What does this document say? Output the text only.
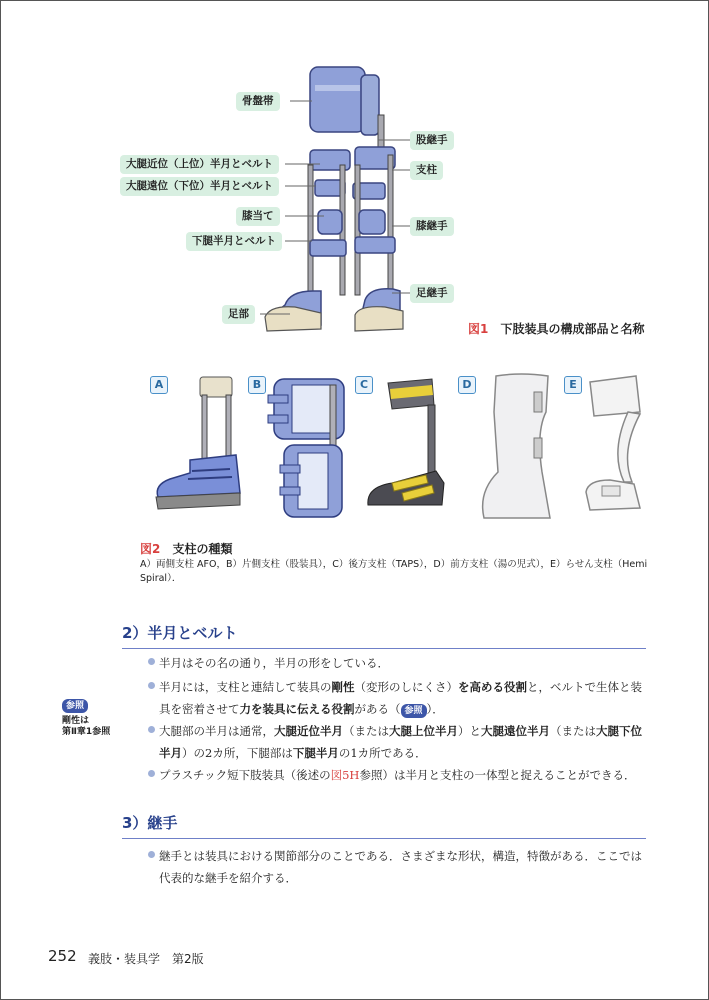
骨盤帯
大腿近位（上位）半月とベルト
大腿遠位（下位）半月とベルト
膝当て
下腿半月とベルト
足部
股継手
支柱
膝継手
足継手
図1 下肢装具の構成部品と名称
A	B	C	D	E
図2 支柱の種類
A）両側支柱 AFO，B）片側支柱（股装具），C）後方支柱（TAPS），D）前方支柱（湯の児式），E）らせん支柱（Hemi Spiral）．
2）半月とベルト
半月はその名の通り，半月の形をしている．
半月には，支柱と連結して装具の剛性（変形のしにくさ）を高める役割と，ベルトで生体と装具を密着させて力を装具に伝える役割がある（ 参照 ）．
大腿部の半月は通常，大腿近位半月（または大腿上位半月）と大腿遠位半月（または大腿下位半月）の2カ所，下腿部は下腿半月の1カ所である．
プラスチック短下肢装具（後述の図5H参照）は半月と支柱の一体型と捉えることができる．
参照
剛性は
第Ⅱ章1参照
3）継手
継手とは装具における関節部分のことである．さまざまな形状，構造，特徴がある．ここでは代表的な継手を紹介する．
252 義肢・装具学　第2版
